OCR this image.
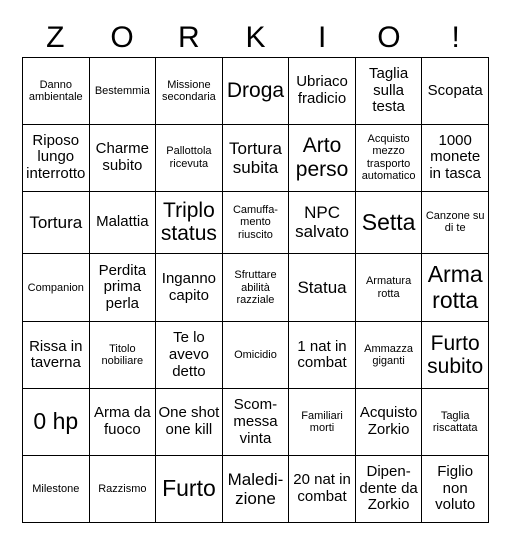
Z	O	R	K	I	O	!
Danno ambientale	Bestemmia	Missione secondaria	Droga	Ubriaco fradicio	Taglia sulla testa	Scopata
Riposo lungo interrotto	Charme subito	Pallottola ricevuta	Tortura subita	Arto perso	Acquisto mezzo trasporto automatico	1000 monete in tasca
Tortura	Malattia	Triplo status	Camuffa-mento riuscito	NPC salvato	Setta	Canzone su di te
Companion	Perdita prima perla	Inganno capito	Sfruttare abilità razziale	Statua	Armatura rotta	Arma rotta
Rissa in taverna	Titolo nobiliare	Te lo avevo detto	Omicidio	1 nat in combat	Ammazza giganti	Furto subito
0 hp	Arma da fuoco	One shot one kill	Scom-messa vinta	Familiari morti	Acquisto Zorkio	Taglia riscattata
Milestone	Razzismo	Furto	Maledi-zione	20 nat in combat	Dipen-dente da Zorkio	Figlio non voluto
